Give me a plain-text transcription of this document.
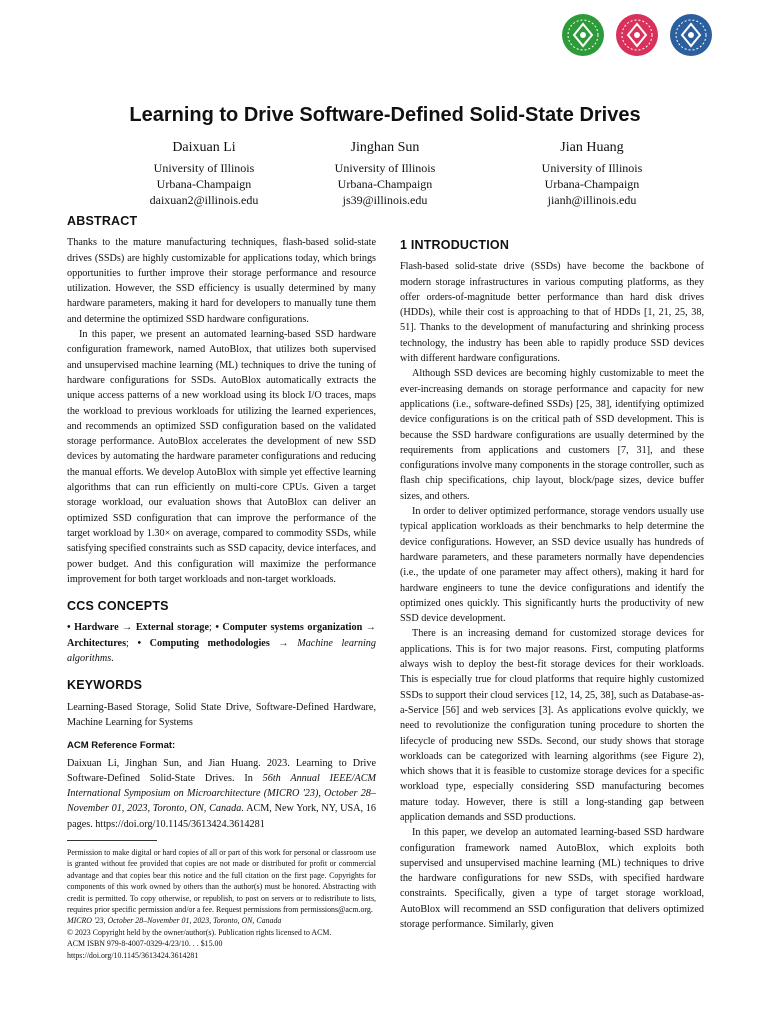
Learning to Drive Software-Defined Solid-State Drives
Daixuan Li
University of Illinois
Urbana-Champaign
daixuan2@illinois.edu
Jinghan Sun
University of Illinois
Urbana-Champaign
js39@illinois.edu
Jian Huang
University of Illinois
Urbana-Champaign
jianh@illinois.edu
ABSTRACT

Thanks to the mature manufacturing techniques, flash-based solid-state drives (SSDs) are highly customizable for applications today, which brings opportunities to further improve their storage performance and resource utilization. However, the SSD efficiency is usually determined by many hardware parameters, making it hard for developers to manually tune them and determine the optimized SSD hardware configurations.

In this paper, we present an automated learning-based SSD hardware configuration framework, named AutoBlox, that utilizes both supervised and unsupervised machine learning (ML) techniques to drive the tuning of hardware configurations for SSDs. AutoBlox automatically extracts the unique access patterns of a new workload using its block I/O traces, maps the workload to previous workloads for utilizing the learned experiences, and recommends an optimized SSD configuration based on the validated storage performance. AutoBlox accelerates the development of new SSD devices by automating the hardware parameter configurations and reducing the manual efforts. We develop AutoBlox with simple yet effective learning algorithms that can run efficiently on multi-core CPUs. Given a target storage workload, our evaluation shows that AutoBlox can deliver an optimized SSD configuration that can improve the performance of the target workload by 1.30× on average, compared to commodity SSDs, while satisfying specified constraints such as SSD capacity, device interfaces, and power budget. And this configuration will maximize the performance improvement for both target workloads and non-target workloads.

CCS CONCEPTS

• Hardware → External storage; • Computer systems organization → Architectures; • Computing methodologies → Machine learning algorithms.

KEYWORDS

Learning-Based Storage, Solid State Drive, Software-Defined Hardware, Machine Learning for Systems

ACM Reference Format:

Daixuan Li, Jinghan Sun, and Jian Huang. 2023. Learning to Drive Software-Defined Solid-State Drives. In 56th Annual IEEE/ACM International Symposium on Microarchitecture (MICRO '23), October 28–November 01, 2023, Toronto, ON, Canada. ACM, New York, NY, USA, 16 pages. https://doi.org/10.1145/3613424.3614281

Permission to make digital or hard copies of all or part of this work for personal or classroom use is granted without fee provided that copies are not made or distributed for profit or commercial advantage and that copies bear this notice and the full citation on the first page. Copyrights for components of this work owned by others than the author(s) must be honored. Abstracting with credit is permitted. To copy otherwise, or republish, to post on servers or to redistribute to lists, requires prior specific permission and/or a fee. Request permissions from permissions@acm.org.
MICRO '23, October 28–November 01, 2023, Toronto, ON, Canada
© 2023 Copyright held by the owner/author(s). Publication rights licensed to ACM.
ACM ISBN 979-8-4007-0329-4/23/10. . . $15.00
https://doi.org/10.1145/3613424.3614281
1 INTRODUCTION

Flash-based solid-state drive (SSDs) have become the backbone of modern storage infrastructures in various computing platforms, as they offer orders-of-magnitude better performance than hard disk drives (HDDs), while their cost is approaching to that of HDDs [1, 21, 25, 38, 51]. Thanks to the development of manufacturing and shrinking process technology, the industry has been able to rapidly produce SSD devices with different hardware configurations.

Although SSD devices are becoming highly customizable to meet the ever-increasing demands on storage performance and capacity for new applications (i.e., software-defined SSDs) [25, 38], identifying optimized device configurations is on the critical path of SSD development. This is because the SSD hardware configurations are usually determined by the requirements from applications and customers [7, 31], and these configurations involve many components in the storage controller, such as flash chip specifications, chip layout, block/page sizes, device buffer sizes, and others.

In order to deliver optimized performance, storage vendors usually use typical application workloads as their benchmarks to help determine the device configurations. However, an SSD device usually has hundreds of hardware parameters, and these parameters normally have dependencies (i.e., the update of one parameter may affect others), making it hard for hardware engineers to tune the device configurations and identify the optimized ones quickly. This significantly hurts the productivity of new SSD device development.

There is an increasing demand for customized storage devices for applications. This is for two major reasons. First, computing platforms always wish to deploy the best-fit storage devices for their workloads. This is especially true for cloud platforms that require highly customized SSDs to support their cloud services [12, 14, 25, 38], such as Database-as-a-Service [56] and web services [3]. As applications evolve quickly, we need to revolutionize the configuration tuning procedure to shorten the lifecycle of producing new SSDs. Second, our study shows that storage workloads can be categorized with learning algorithms (see Figure 2), which shows that it is feasible to customize storage devices for a specific workload type, especially considering SSD manufacturing becomes mature today. However, there is still a long-standing gap between application demands and SSD productions.

In this paper, we develop an automated learning-based SSD hardware configuration framework named AutoBlox, which exploits both supervised and unsupervised machine learning (ML) techniques to drive the hardware configurations for new SSDs, with specified hardware constraints. Specifically, given a type of target storage workload, AutoBlox will recommend an SSD configuration that delivers optimized storage performance. Similarly, given
